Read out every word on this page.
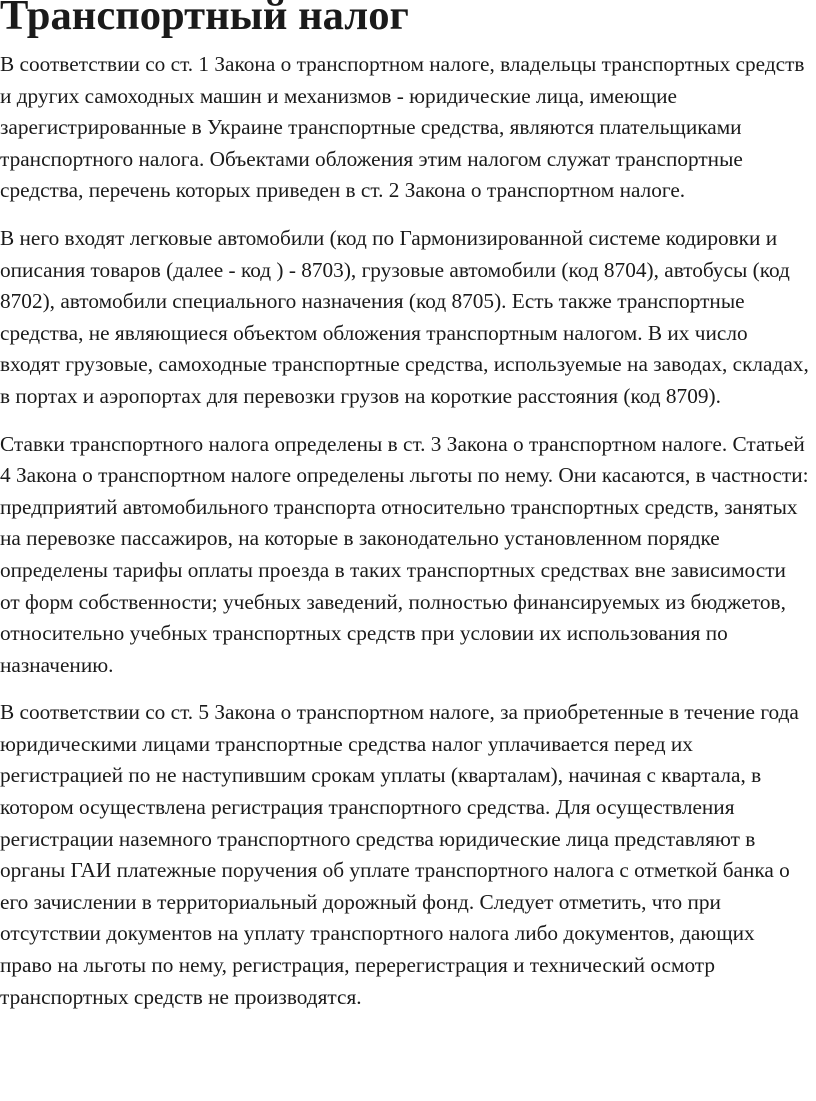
Транспортный налог

В соответствии со ст. 1 Закона о транспортном налоге, владельцы транспортных средств и других самоходных машин и механизмов - юридические лица, имеющие зарегистрированные в Украине транспортные средства, являются плательщиками транспортного налога. Объектами обложения этим налогом служат транспортные средства, перечень которых приведен в ст. 2 Закона о транспортном налоге.

В него входят легковые автомобили (код по Гармонизированной системе кодировки и описания товаров (далее - код ) - 8703), грузовые автомобили (код 8704), автобусы (код 8702), автомобили специального назначения (код 8705). Есть также транспортные средства, не являющиеся объектом обложения транспортным налогом. В их число входят грузовые, самоходные транспортные средства, используемые на заводах, складах, в портах и аэропортах для перевозки грузов на короткие расстояния (код 8709).

Ставки транспортного налога определены в ст. 3 Закона о транспортном налоге. Статьей 4 Закона о транспортном налоге определены льготы по нему. Они касаются, в частности: предприятий автомобильного транспорта относительно транспортных средств, занятых на перевозке пассажиров, на которые в законодательно установленном порядке определены тарифы оплаты проезда в таких транспортных средствах вне зависимости от форм собственности; учебных заведений, полностью финансируемых из бюджетов, относительно учебных транспортных средств при условии их использования по назначению.

В соответствии со ст. 5 Закона о транспортном налоге, за приобретенные в течение года юридическими лицами транспортные средства налог уплачивается перед их регистрацией по не наступившим срокам уплаты (кварталам), начиная с квартала, в котором осуществлена регистрация транспортного средства. Для осуществления регистрации наземного транспортного средства юридические лица представляют в органы ГАИ платежные поручения об уплате транспортного налога с отметкой банка о его зачислении в территориальный дорожный фонд. Следует отметить, что при отсутствии документов на уплату транспортного налога либо документов, дающих право на льготы по нему, регистрация, перерегистрация и технический осмотр транспортных средств не производятся.
